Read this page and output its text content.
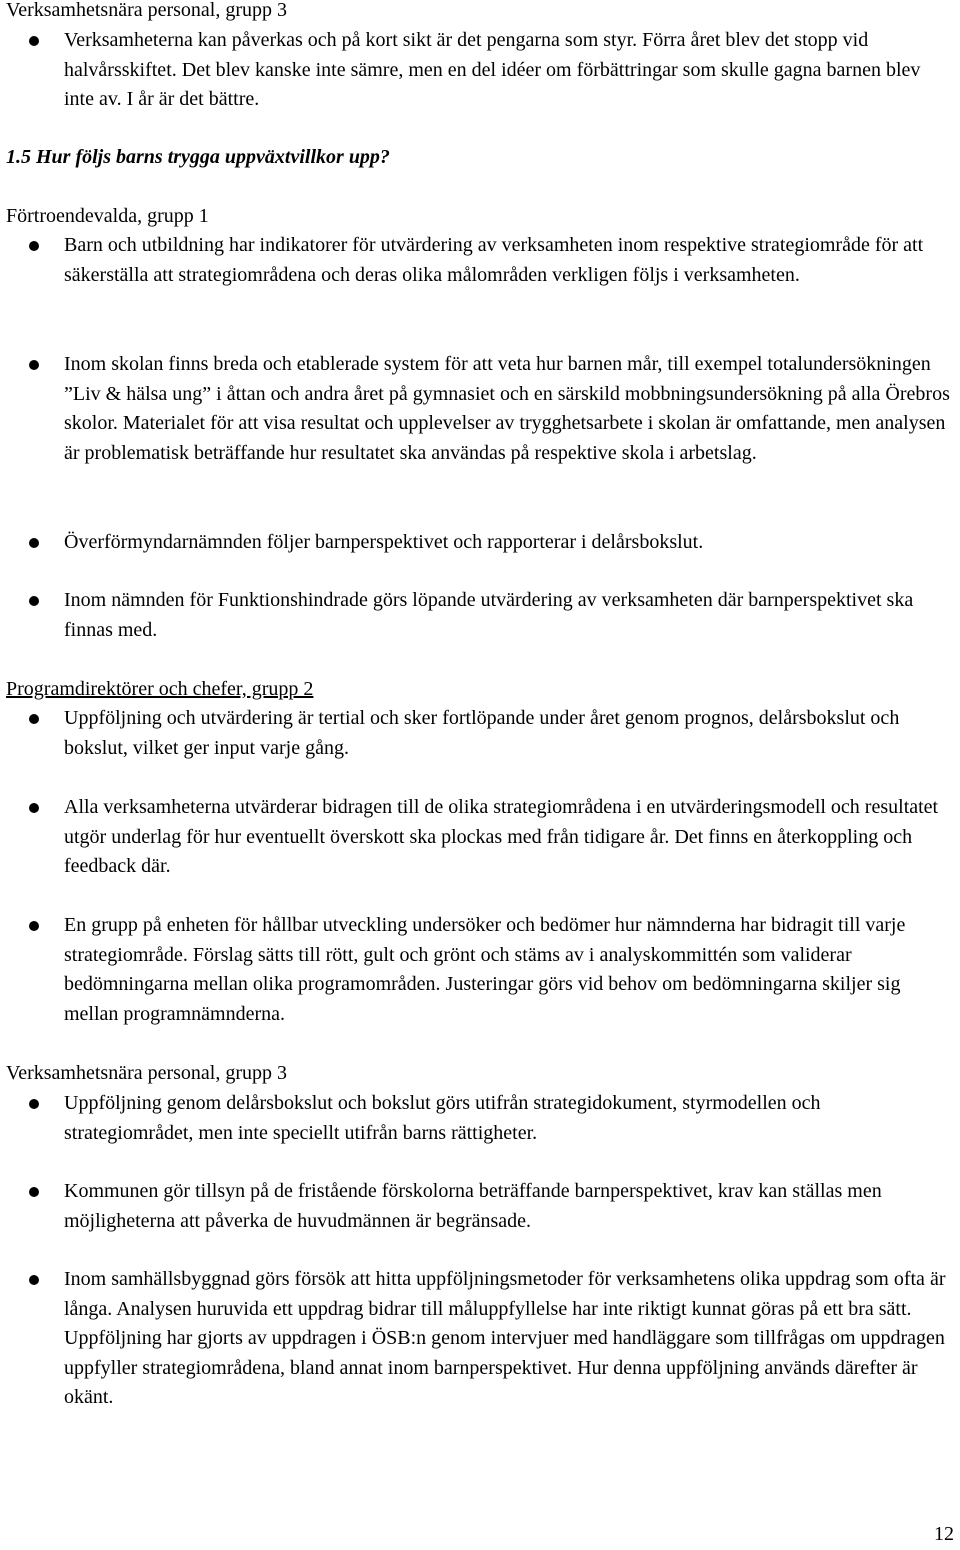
Verksamhetsnära personal, grupp 3

Verksamheterna kan påverkas och på kort sikt är det pengarna som styr. Förra året blev det stopp vid halvårsskiftet. Det blev kanske inte sämre, men en del idéer om förbättringar som skulle gagna barnen blev inte av. I år är det bättre.

1.5 Hur följs barns trygga uppväxtvillkor upp?
Förtroendevalda, grupp 1

Barn och utbildning har indikatorer för utvärdering av verksamheten inom respektive strategiområde för att säkerställa att strategiområdena och deras olika målområden verkligen följs i verksamheten.

Inom skolan finns breda och etablerade system för att veta hur barnen mår, till exempel totalundersökningen ”Liv & hälsa ung” i åttan och andra året på gymnasiet och en särskild mobbningsundersökning på alla Örebros skolor. Materialet för att visa resultat och upplevelser av trygghetsarbete i skolan är omfattande, men analysen är problematisk beträffande hur resultatet ska användas på respektive skola i arbetslag.

Överförmyndarnämnden följer barnperspektivet och rapporterar i delårsbokslut.

Inom nämnden för Funktionshindrade görs löpande utvärdering av verksamheten där barnperspektivet ska finnas med.

Programdirektörer och chefer, grupp 2

Uppföljning och utvärdering är tertial och sker fortlöpande under året genom prognos, delårsbokslut och bokslut, vilket ger input varje gång.

Alla verksamheterna utvärderar bidragen till de olika strategiområdena i en utvärderingsmodell och resultatet utgör underlag för hur eventuellt överskott ska plockas med från tidigare år. Det finns en återkoppling och feedback där.

En grupp på enheten för hållbar utveckling undersöker och bedömer hur nämnderna har bidragit till varje strategiområde. Förslag sätts till rött, gult och grönt och stäms av i analyskommittén som validerar bedömningarna mellan olika programområden. Justeringar görs vid behov om bedömningarna skiljer sig mellan programnämnderna.

Verksamhetsnära personal, grupp 3

Uppföljning genom delårsbokslut och bokslut görs utifrån strategidokument, styrmodellen och strategiområdet, men inte speciellt utifrån barns rättigheter.

Kommunen gör tillsyn på de fristående förskolorna beträffande barnperspektivet, krav kan ställas men möjligheterna att påverka de huvudmännen är begränsade.

Inom samhällsbyggnad görs försök att hitta uppföljningsmetoder för verksamhetens olika uppdrag som ofta är långa. Analysen huruvida ett uppdrag bidrar till måluppfyllelse har inte riktigt kunnat göras på ett bra sätt. Uppföljning har gjorts av uppdragen i ÖSB:n genom intervjuer med handläggare som tillfrågas om uppdragen uppfyller strategiområdena, bland annat inom barnperspektivet. Hur denna uppföljning används därefter är okänt.

12
